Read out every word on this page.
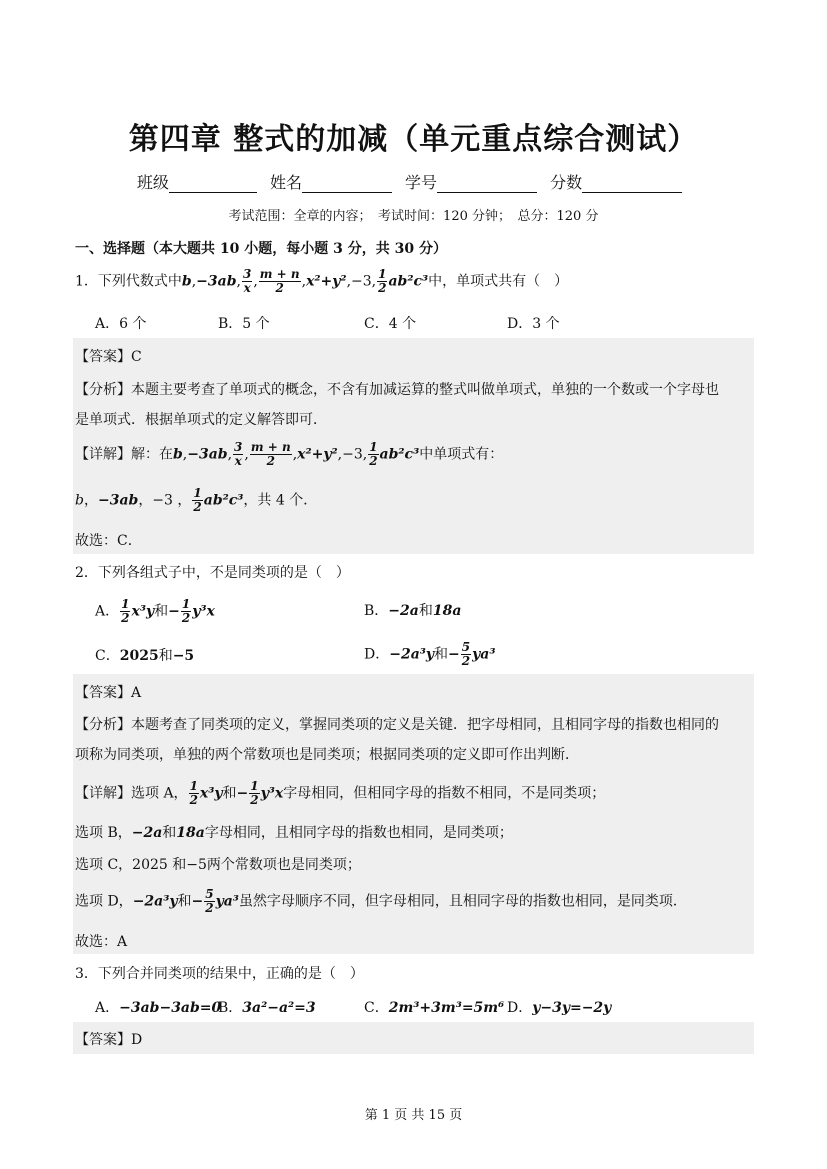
第四章 整式的加减（单元重点综合测试）
班级	姓名	学号	分数
考试范围：全章的内容；　考试时间：120 分钟；　总分：120 分
一、选择题（本大题共 10 小题，每小题 3 分，共 30 分）
1．下列代数式中b,−3ab, $\frac{3}{x}$ , $\frac{m + n}{2} ,x^2+y^2,-3$, $\frac{1}{2} ab^2c^3$中，单项式共有（　）
A．6 个	B．5 个	C．4 个	D．3 个
【答案】C
【分析】本题主要考查了单项式的概念，不含有加减运算的整式叫做单项式，单独的一个数或一个字母也
是单项式．根据单项式的定义解答即可．
【详解】解：在b,−3ab, $\frac{3}{x}$ , $\frac{m + n}{2} ,x^2+y^2,-3$, $\frac{1}{2} ab^2c^3$中单项式有：
b，−3ab，−3 ， $\frac{1}{2} ab^2c^3$，共 4 个．
故选：C．
2．下列各组式子中，不是同类项的是（　）
A． $\frac{1}{2} x^3y$和− $\frac{1}{2} y^3x$	B．−2a和18a
C．2025和−5	D．−2a³y和− $\frac{5}{2} ya^3$
【答案】A
【分析】本题考查了同类项的定义，掌握同类项的定义是关键．把字母相同，且相同字母的指数也相同的
项称为同类项，单独的两个常数项也是同类项；根据同类项的定义即可作出判断．
【详解】选项 A， $\frac{1}{2} x^3y$和− $\frac{1}{2} y^3x$字母相同，但相同字母的指数不相同，不是同类项；
选项 B，−2a和18a字母相同，且相同字母的指数也相同，是同类项；
选项 C，2025 和−5两个常数项也是同类项；
选项 D，−2a³y和− $\frac{5}{2} ya^3$虽然字母顺序不同，但字母相同，且相同字母的指数也相同，是同类项．
故选：A
3．下列合并同类项的结果中，正确的是（　）
A．−3ab−3ab=0
B．3a²−a²=3	C．2m³+3m³=5m⁶ D．y−3y=−2y
【答案】D
第 1 页 共 15 页
